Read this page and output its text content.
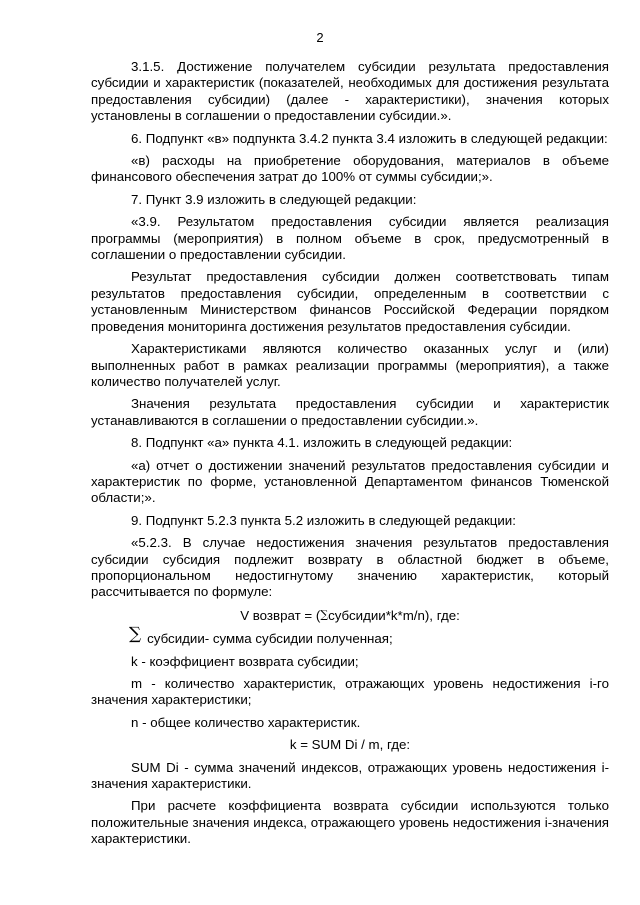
2

3.1.5. Достижение получателем субсидии результата предоставления субсидии и характеристик (показателей, необходимых для достижения результата предоставления субсидии) (далее - характеристики), значения которых установлены в соглашении о предоставлении субсидии.».

6. Подпункт «в» подпункта 3.4.2 пункта 3.4 изложить в следующей редакции:

«в) расходы на приобретение оборудования, материалов в объеме финансового обеспечения затрат до 100% от суммы субсидии;».

7. Пункт 3.9 изложить в следующей редакции:

«3.9. Результатом предоставления субсидии является реализация программы (мероприятия) в полном объеме в срок, предусмотренный в соглашении о предоставлении субсидии.

Результат предоставления субсидии должен соответствовать типам результатов предоставления субсидии, определенным в соответствии с установленным Министерством финансов Российской Федерации порядком проведения мониторинга достижения результатов предоставления субсидии.

Характеристиками являются количество оказанных услуг и (или) выполненных работ в рамках реализации программы (мероприятия), а также количество получателей услуг.

Значения результата предоставления субсидии и характеристик устанавливаются в соглашении о предоставлении субсидии.».

8. Подпункт «а» пункта 4.1. изложить в следующей редакции:

«а) отчет о достижении значений результатов предоставления субсидии и характеристик по форме, установленной Департаментом финансов Тюменской области;».

9. Подпункт 5.2.3 пункта 5.2 изложить в следующей редакции:

«5.2.3. В случае недостижения значения результатов предоставления субсидии субсидия подлежит возврату в областной бюджет в объеме, пропорциональном недостигнутому значению характеристик, который рассчитывается по формуле:

V возврат = (∑субсидии*k*m/n), где:

∑ субсидии- сумма субсидии полученная;

k - коэффициент возврата субсидии;

m - количество характеристик, отражающих уровень недостижения i-го значения характеристики;

n - общее количество характеристик.

k = SUM Di / m, где:

SUM Di - сумма значений индексов, отражающих уровень недостижения i- значения характеристики.

При расчете коэффициента возврата субсидии используются только положительные значения индекса, отражающего уровень недостижения i-значения характеристики.
